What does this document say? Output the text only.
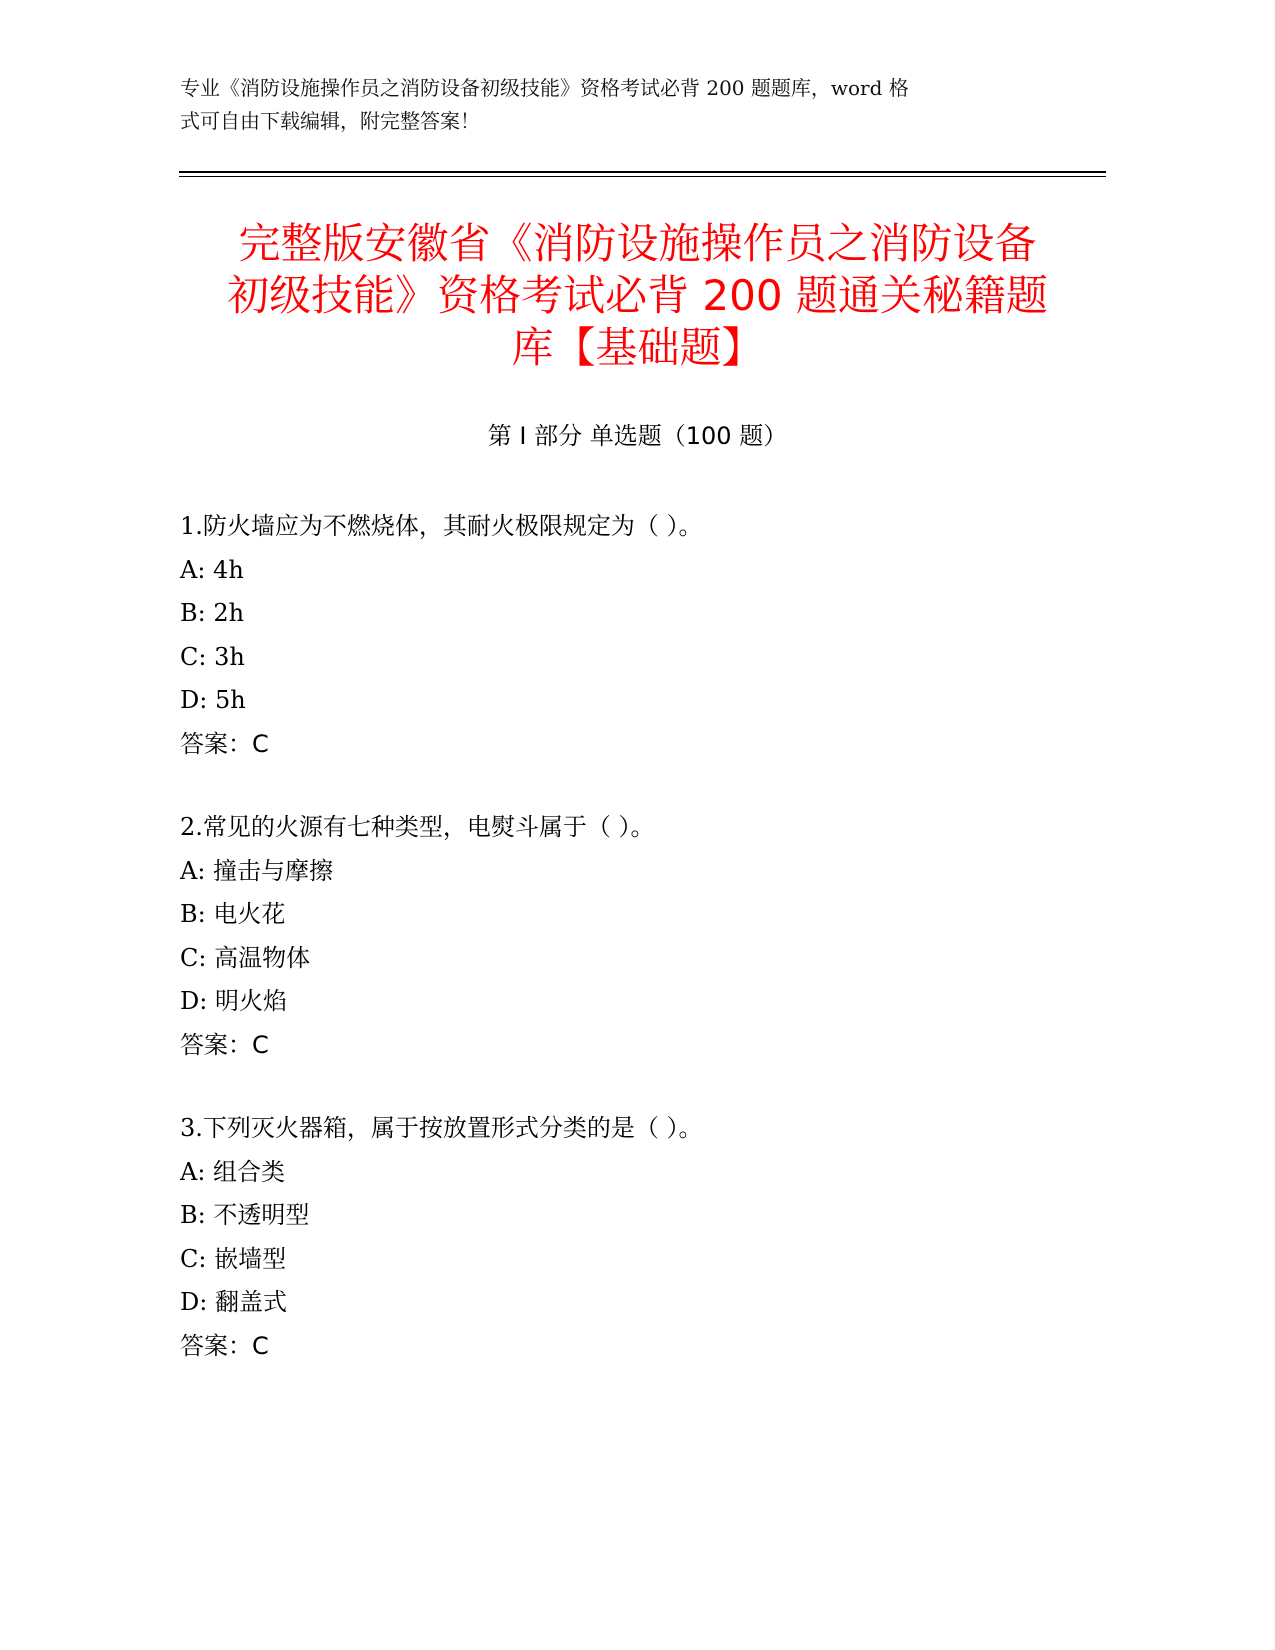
专业《消防设施操作员之消防设备初级技能》资格考试必背 200 题题库，word 格
式可自由下载编辑，附完整答案！
完整版安徽省《消防设施操作员之消防设备
初级技能》资格考试必背 200 题通关秘籍题
库【基础题】
第 I 部分 单选题（100 题）
1.防火墙应为不燃烧体，其耐火极限规定为（ ）。
A: 4h
B: 2h
C: 3h
D: 5h
答案：C
2.常见的火源有七种类型，电熨斗属于（ ）。
A: 撞击与摩擦
B: 电火花
C: 高温物体
D: 明火焰
答案：C
3.下列灭火器箱，属于按放置形式分类的是（ ）。
A: 组合类
B: 不透明型
C: 嵌墙型
D: 翻盖式
答案：C
